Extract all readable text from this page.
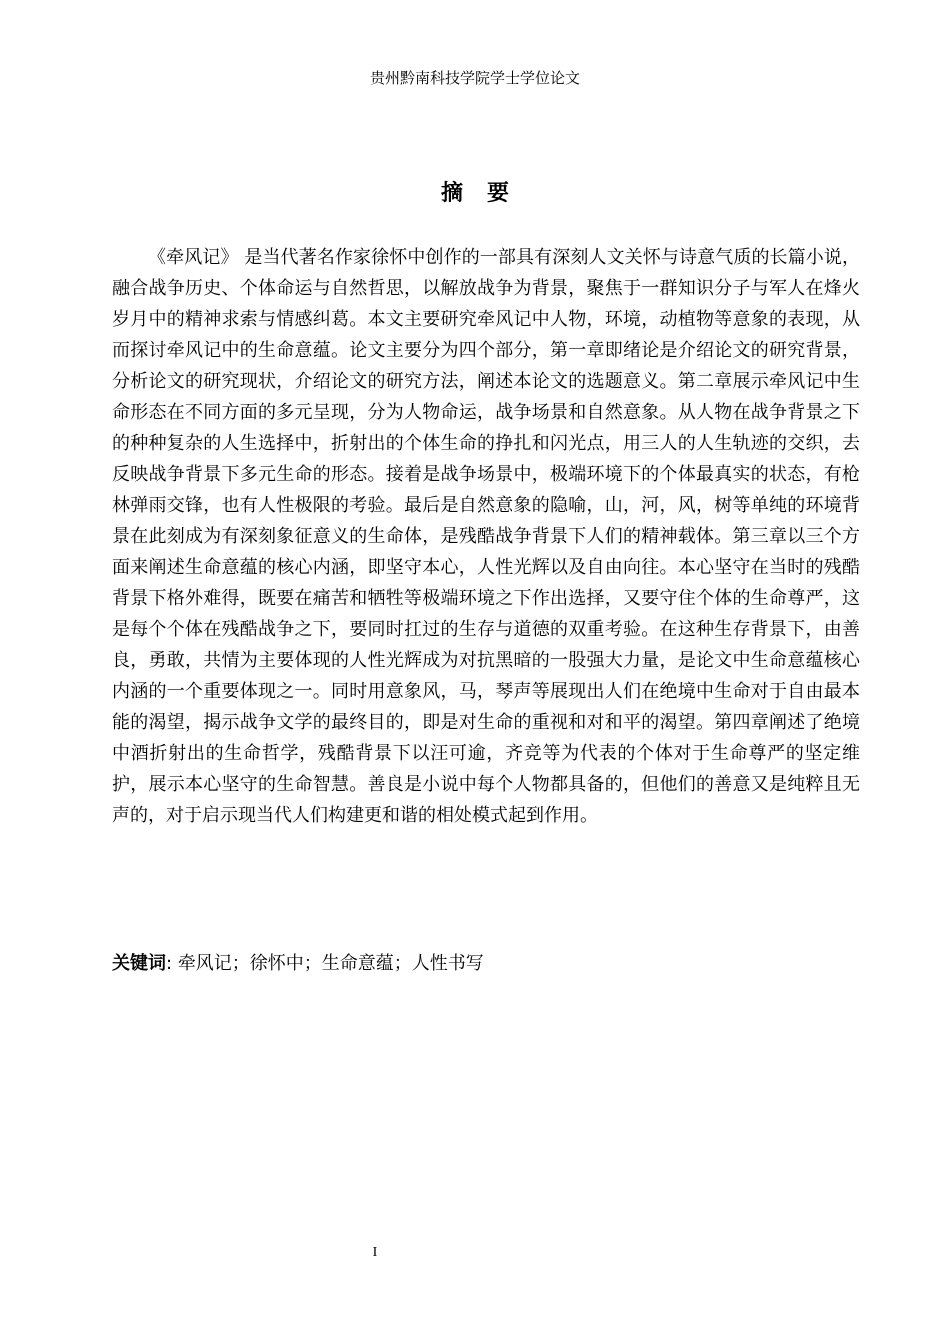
贵州黔南科技学院学士学位论文
摘要

《牵风记》 是当代著名作家徐怀中创作的一部具有深刻人文关怀与诗意气质的长篇小说，融合战争历史、个体命运与自然哲思，以解放战争为背景，聚焦于一群知识分子与军人在烽火岁月中的精神求索与情感纠葛。本文主要研究牵风记中人物，环境，动植物等意象的表现，从而探讨牵风记中的生命意蕴。论文主要分为四个部分，第一章即绪论是介绍论文的研究背景，分析论文的研究现状，介绍论文的研究方法，阐述本论文的选题意义。第二章展示牵风记中生命形态在不同方面的多元呈现，分为人物命运，战争场景和自然意象。从人物在战争背景之下的种种复杂的人生选择中，折射出的个体生命的挣扎和闪光点，用三人的人生轨迹的交织，去反映战争背景下多元生命的形态。接着是战争场景中，极端环境下的个体最真实的状态，有枪林弹雨交锋，也有人性极限的考验。最后是自然意象的隐喻，山，河，风，树等单纯的环境背景在此刻成为有深刻象征意义的生命体，是残酷战争背景下人们的精神载体。第三章以三个方面来阐述生命意蕴的核心内涵，即坚守本心，人性光辉以及自由向往。本心坚守在当时的残酷背景下格外难得，既要在痛苦和牺牲等极端环境之下作出选择，又要守住个体的生命尊严，这是每个个体在残酷战争之下，要同时扛过的生存与道德的双重考验。在这种生存背景下，由善良，勇敢，共情为主要体现的人性光辉成为对抗黑暗的一股强大力量，是论文中生命意蕴核心内涵的一个重要体现之一。同时用意象风，马，琴声等展现出人们在绝境中生命对于自由最本能的渴望，揭示战争文学的最终目的，即是对生命的重视和对和平的渴望。第四章阐述了绝境中酒折射出的生命哲学，残酷背景下以汪可逾，齐竞等为代表的个体对于生命尊严的坚定维护，展示本心坚守的生命智慧。善良是小说中每个人物都具备的，但他们的善意又是纯粹且无声的，对于启示现当代人们构建更和谐的相处模式起到作用。

关键词: 牵风记；徐怀中；生命意蕴；人性书写
I
